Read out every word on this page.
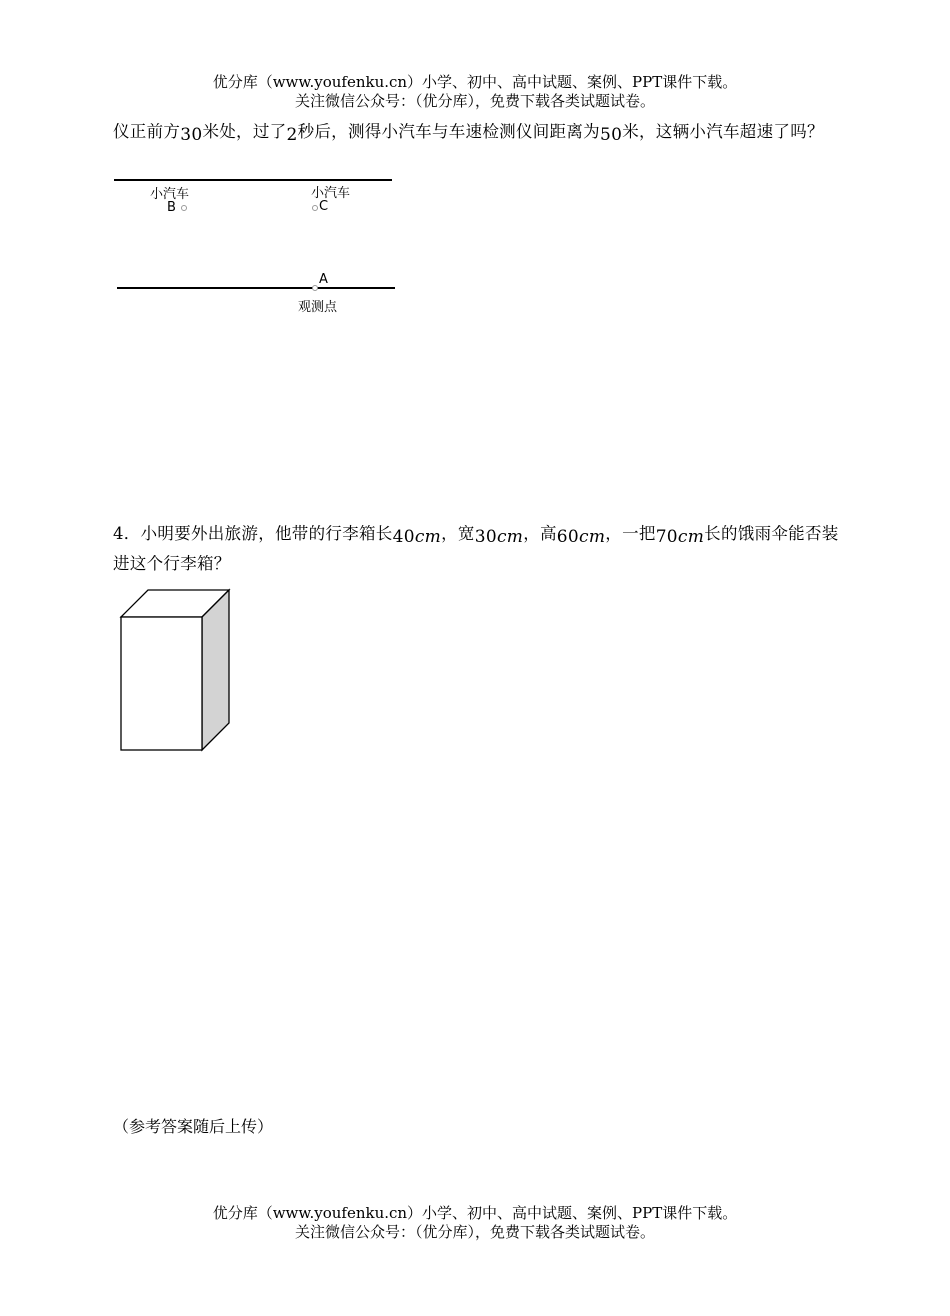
优分库（www.youfenku.cn）小学、初中、高中试题、案例、PPT课件下载。
关注微信公众号：（优分库），免费下载各类试题试卷。
仪正前方30米处，过了2秒后，测得小汽车与车速检测仪间距离为50米，这辆小汽车超速了吗？
小汽车	小汽车
B	C
A
观测点
4．小明要外出旅游，他带的行李箱长40cm，宽30cm，高60cm，一把70cm长的饿雨伞能否装进这个行李箱？
（参考答案随后上传）
优分库（www.youfenku.cn）小学、初中、高中试题、案例、PPT课件下载。
关注微信公众号：（优分库），免费下载各类试题试卷。
